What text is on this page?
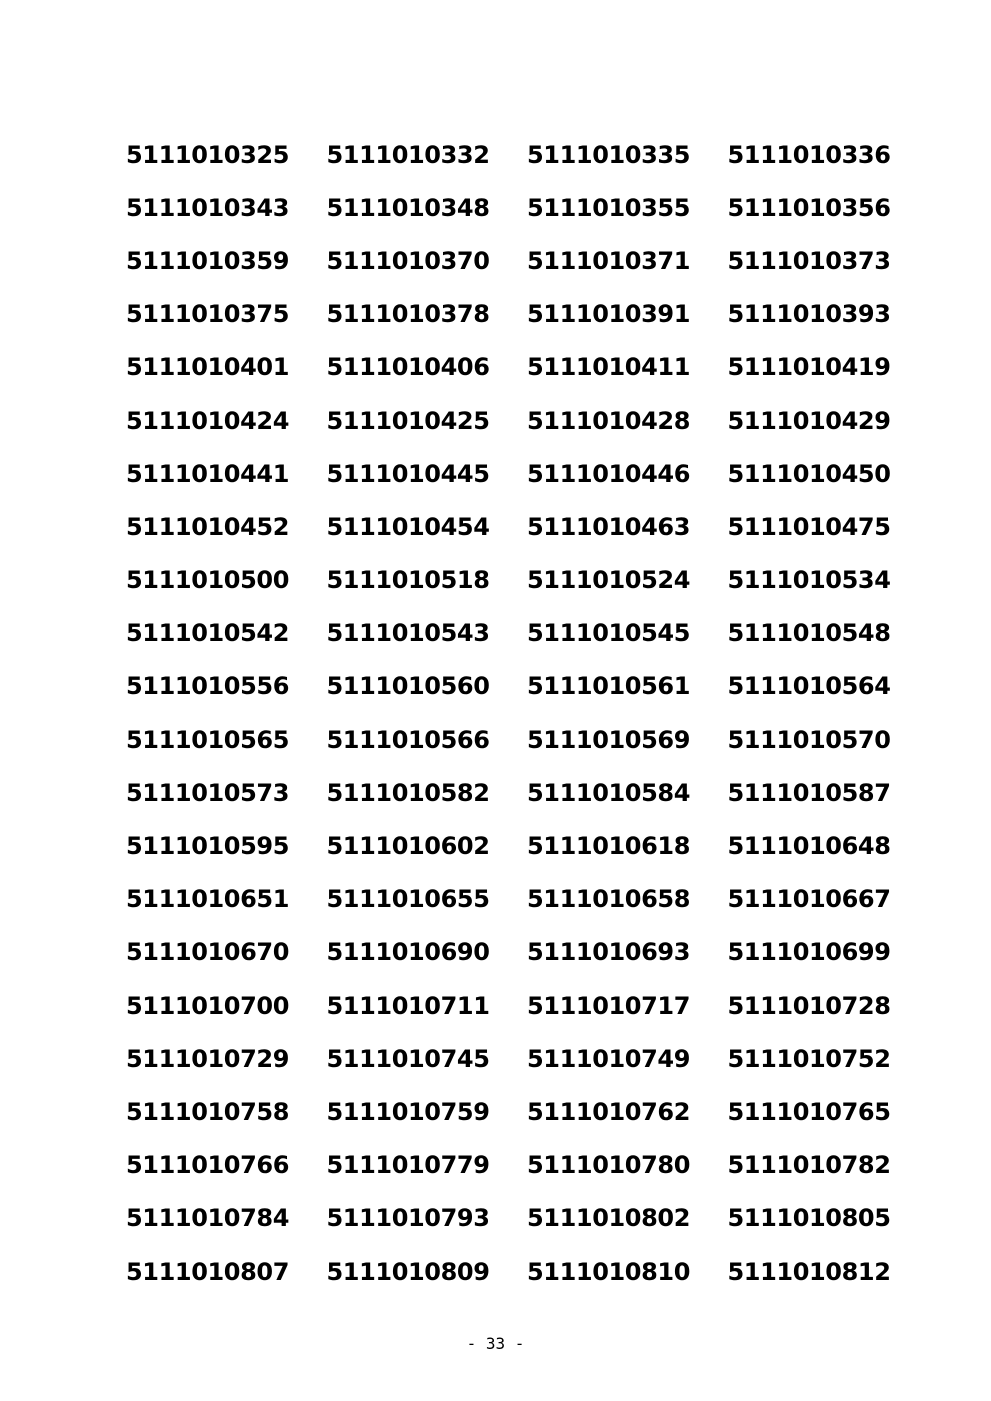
5111010325	5111010332	5111010335	5111010336
5111010343	5111010348	5111010355	5111010356
5111010359	5111010370	5111010371	5111010373
5111010375	5111010378	5111010391	5111010393
5111010401	5111010406	5111010411	5111010419
5111010424	5111010425	5111010428	5111010429
5111010441	5111010445	5111010446	5111010450
5111010452	5111010454	5111010463	5111010475
5111010500	5111010518	5111010524	5111010534
5111010542	5111010543	5111010545	5111010548
5111010556	5111010560	5111010561	5111010564
5111010565	5111010566	5111010569	5111010570
5111010573	5111010582	5111010584	5111010587
5111010595	5111010602	5111010618	5111010648
5111010651	5111010655	5111010658	5111010667
5111010670	5111010690	5111010693	5111010699
5111010700	5111010711	5111010717	5111010728
5111010729	5111010745	5111010749	5111010752
5111010758	5111010759	5111010762	5111010765
5111010766	5111010779	5111010780	5111010782
5111010784	5111010793	5111010802	5111010805
5111010807	5111010809	5111010810	5111010812
- 33 -
